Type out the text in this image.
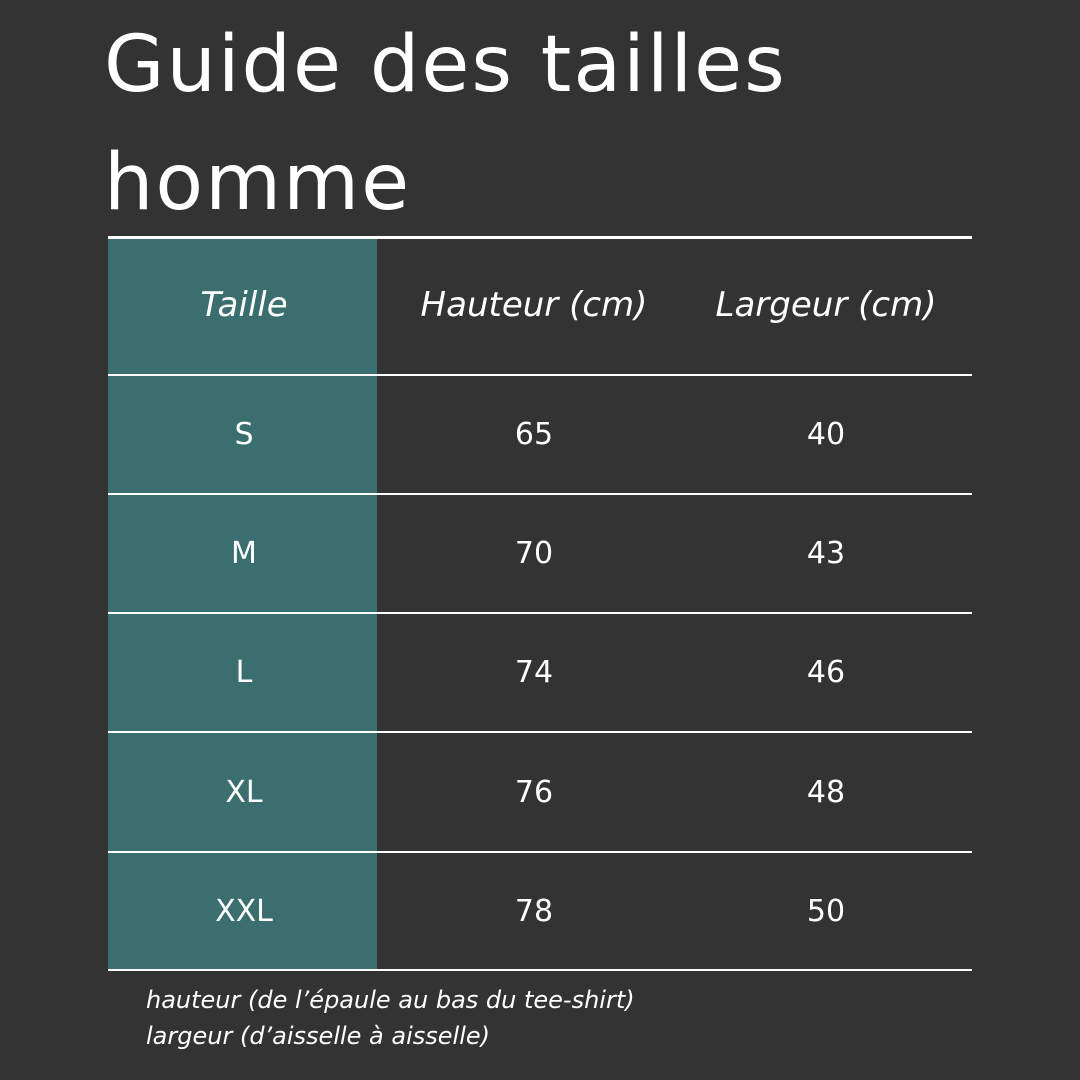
Guide des tailles
homme
Taille	Hauteur (cm)	Largeur (cm)
S	65	40
M	70	43
L	74	46
XL	76	48
XXL	78	50
hauteur (de l’épaule au bas du tee-shirt)
largeur (d’aisselle à aisselle)
